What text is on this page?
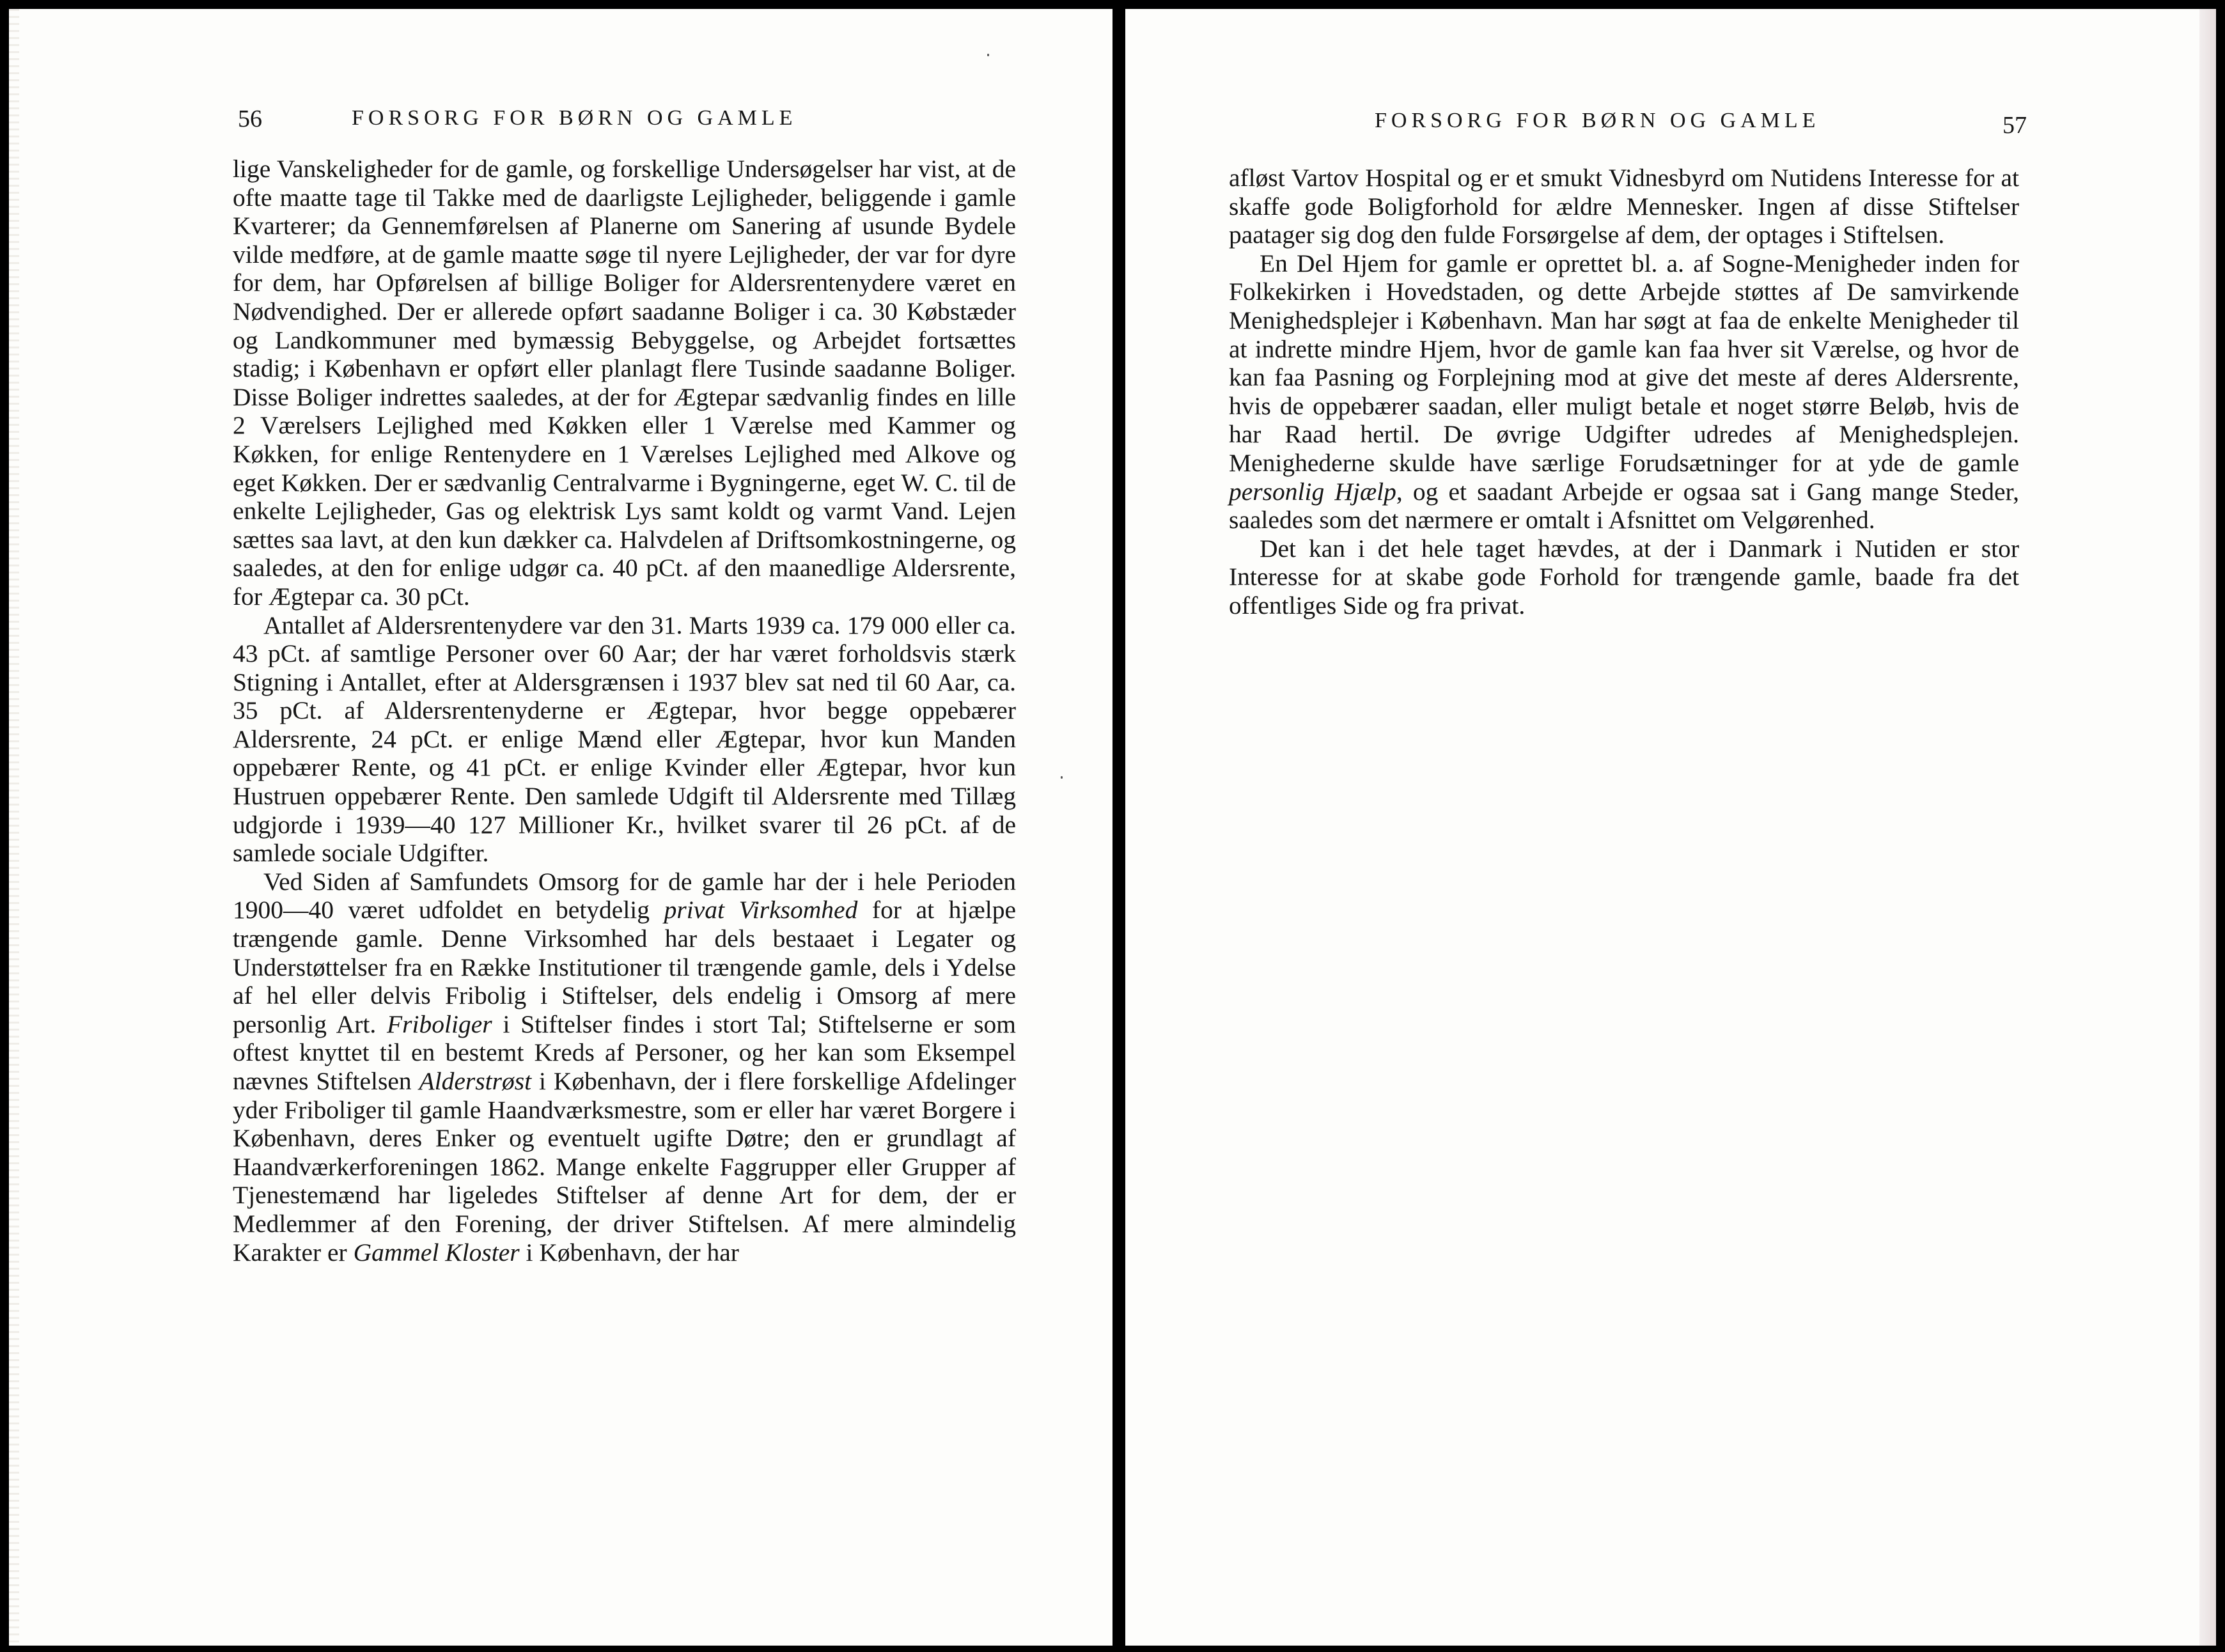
56	FORSORG FOR BØRN OG GAMLE

lige Vanskeligheder for de gamle, og forskellige Undersøgelser har vist, at de ofte maatte tage til Takke med de daarligste Lejligheder, beliggende i gamle Kvarterer; da Gennemførelsen af Planerne om Sanering af usunde Bydele vilde medføre, at de gamle maatte søge til nyere Lejligheder, der var for dyre for dem, har Opførelsen af billige Boliger for Aldersrentenydere været en Nødvendighed. Der er allerede opført saadanne Boliger i ca. 30 Købstæder og Landkommuner med bymæssig Bebyggelse, og Arbejdet fortsættes stadig; i København er opført eller planlagt flere Tusinde saadanne Boliger. Disse Boliger indrettes saaledes, at der for Ægtepar sædvanlig findes en lille 2 Værelsers Lejlighed med Køkken eller 1 Værelse med Kammer og Køkken, for enlige Rentenydere en 1 Værelses Lejlighed med Alkove og eget Køkken. Der er sædvanlig Centralvarme i Bygningerne, eget W. C. til de enkelte Lejligheder, Gas og elektrisk Lys samt koldt og varmt Vand. Lejen sættes saa lavt, at den kun dækker ca. Halvdelen af Driftsomkostningerne, og saaledes, at den for enlige udgør ca. 40 pCt. af den maanedlige Aldersrente, for Ægtepar ca. 30 pCt.

Antallet af Aldersrentenydere var den 31. Marts 1939 ca. 179 000 eller ca. 43 pCt. af samtlige Personer over 60 Aar; der har været forholdsvis stærk Stigning i Antallet, efter at Aldersgrænsen i 1937 blev sat ned til 60 Aar, ca. 35 pCt. af Aldersrentenyderne er Ægtepar, hvor begge oppebærer Aldersrente, 24 pCt. er enlige Mænd eller Ægtepar, hvor kun Manden oppebærer Rente, og 41 pCt. er enlige Kvinder eller Ægtepar, hvor kun Hustruen oppebærer Rente. Den samlede Udgift til Aldersrente med Tillæg udgjorde i 1939—40 127 Millioner Kr., hvilket svarer til 26 pCt. af de samlede sociale Udgifter.

Ved Siden af Samfundets Omsorg for de gamle har der i hele Perioden 1900—40 været udfoldet en betydelig privat Virksomhed for at hjælpe trængende gamle. Denne Virksomhed har dels bestaaet i Legater og Understøttelser fra en Række Institutioner til trængende gamle, dels i Ydelse af hel eller delvis Fribolig i Stiftelser, dels endelig i Omsorg af mere personlig Art. Friboliger i Stiftelser findes i stort Tal; Stiftelserne er som oftest knyttet til en bestemt Kreds af Personer, og her kan som Eksempel nævnes Stiftelsen Alderstrøst i København, der i flere forskellige Afdelinger yder Friboliger til gamle Haandværksmestre, som er eller har været Borgere i København, deres Enker og eventuelt ugifte Døtre; den er grundlagt af Haandværkerforeningen 1862. Mange enkelte Faggrupper eller Grupper af Tjenestemænd har ligeledes Stiftelser af denne Art for dem, der er Medlemmer af den Forening, der driver Stiftelsen. Af mere almindelig Karakter er Gammel Kloster i København, der har

FORSORG FOR BØRN OG GAMLE	57

afløst Vartov Hospital og er et smukt Vidnesbyrd om Nutidens Interesse for at skaffe gode Boligforhold for ældre Mennesker. Ingen af disse Stiftelser paatager sig dog den fulde Forsørgelse af dem, der optages i Stiftelsen.

En Del Hjem for gamle er oprettet bl. a. af Sogne-Menigheder inden for Folkekirken i Hovedstaden, og dette Arbejde støttes af De samvirkende Menighedsplejer i København. Man har søgt at faa de enkelte Menigheder til at indrette mindre Hjem, hvor de gamle kan faa hver sit Værelse, og hvor de kan faa Pasning og Forplejning mod at give det meste af deres Aldersrente, hvis de oppebærer saadan, eller muligt betale et noget større Beløb, hvis de har Raad hertil. De øvrige Udgifter udredes af Menighedsplejen. Menighederne skulde have særlige Forudsætninger for at yde de gamle personlig Hjælp, og et saadant Arbejde er ogsaa sat i Gang mange Steder, saaledes som det nærmere er omtalt i Afsnittet om Velgørenhed.

Det kan i det hele taget hævdes, at der i Danmark i Nutiden er stor Interesse for at skabe gode Forhold for trængende gamle, baade fra det offentliges Side og fra privat.
